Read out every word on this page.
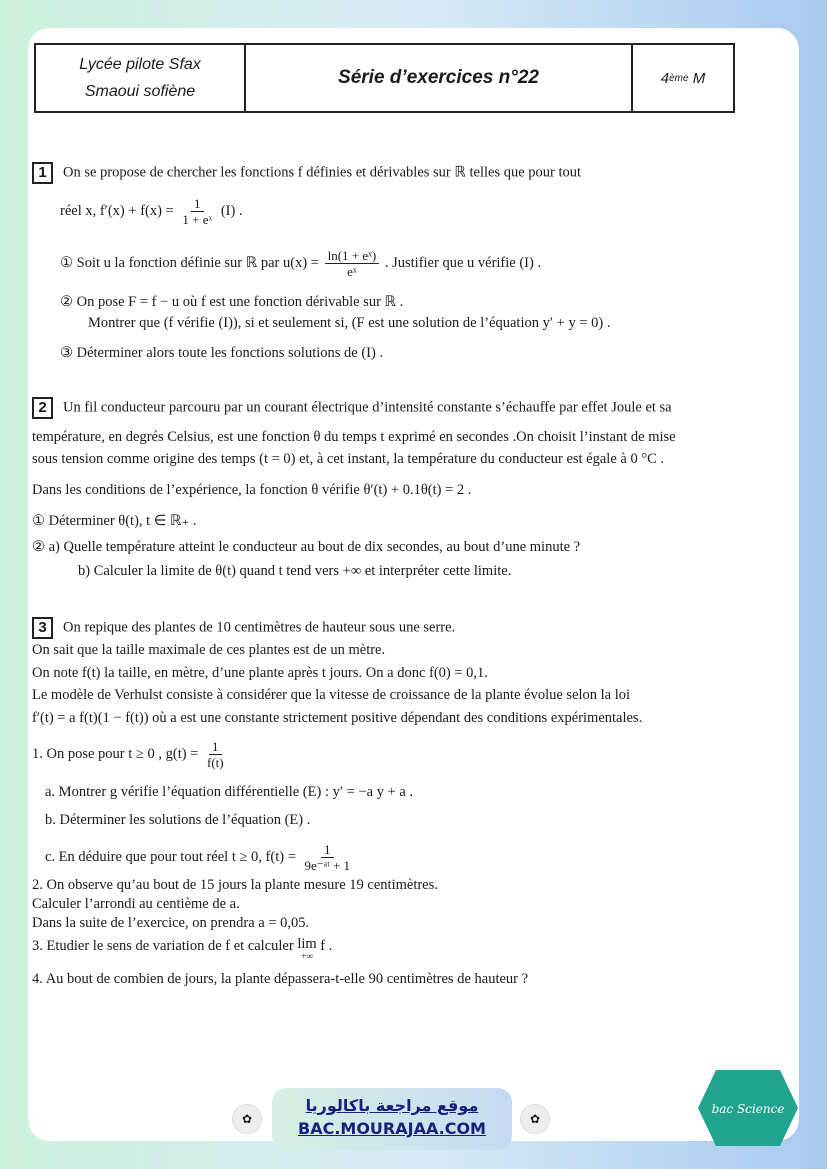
Lycée pilote Sfax
Smaoui sofiène
Série d’exercices n°22	4 ème
M
1 On se propose de chercher les fonctions f définies et dérivables sur ℝ telles que pour tout
réel x, $f'(x) + f(x) = \frac{1}{\text{1 + eˣ}} (I)$ .
① Soit u la fonction définie sur ℝ par $u(x) = \frac{\text{ln(1 + eˣ)}}{\text{eˣ}}$ . Justifier que u vérifie (I) .
② On pose F = f − u où f est une fonction dérivable sur ℝ .
Montrer que (f vérifie (I)), si et seulement si, (F est une solution de l’équation y′ + y = 0) .
③ Déterminer alors toute les fonctions solutions de (I) .
2 Un fil conducteur parcouru par un courant électrique d’intensité constante s’échauffe par effet Joule et sa
température, en degrés Celsius, est une fonction θ du temps t exprimé en secondes .On choisit l’instant de mise
sous tension comme origine des temps (t = 0) et, à cet instant, la température du conducteur est égale à 0 °C .
Dans les conditions de l’expérience, la fonction θ vérifie θ′(t) + 0.1θ(t) = 2 .
① Déterminer θ(t), t ∈ ℝ₊ .
② a) Quelle température atteint le conducteur au bout de dix secondes, au bout d’une minute ?
b) Calculer la limite de θ(t) quand t tend vers +∞ et interpréter cette limite.
3 On repique des plantes de 10 centimètres de hauteur sous une serre.
On sait que la taille maximale de ces plantes est de un mètre.
On note f(t) la taille, en mètre, d’une plante après t jours. On a donc f(0) = 0,1.
Le modèle de Verhulst consiste à considérer que la vitesse de croissance de la plante évolue selon la loi
f′(t) = a f(t)(1 − f(t)) où a est une constante strictement positive dépendant des conditions expérimentales.
1. On pose pour t ≥ 0 , $g(t) = \frac{1}{f(t)}$
a. Montrer g vérifie l’équation différentielle (E) : y′ = −a y + a .
b. Déterminer les solutions de l’équation (E) .
c. En déduire que pour tout réel t ≥ 0, $f(t) = \frac{1}{\text{9e⁻ᵃᵗ + 1}}$
2. On observe qu’au bout de 15 jours la plante mesure 19 centimètres.
Calculer l’arrondi au centième de a.
Dans la suite de l’exercice, on prendra a = 0,05.
3. Etudier le sens de variation de f et calculer lim
+∞
f .
4. Au bout de combien de jours, la plante dépassera-t-elle 90 centimètres de hauteur ?
✿	✿
موقع مراجعة باكالوريا
BAC.MOURAJAA.COM
bac Science
